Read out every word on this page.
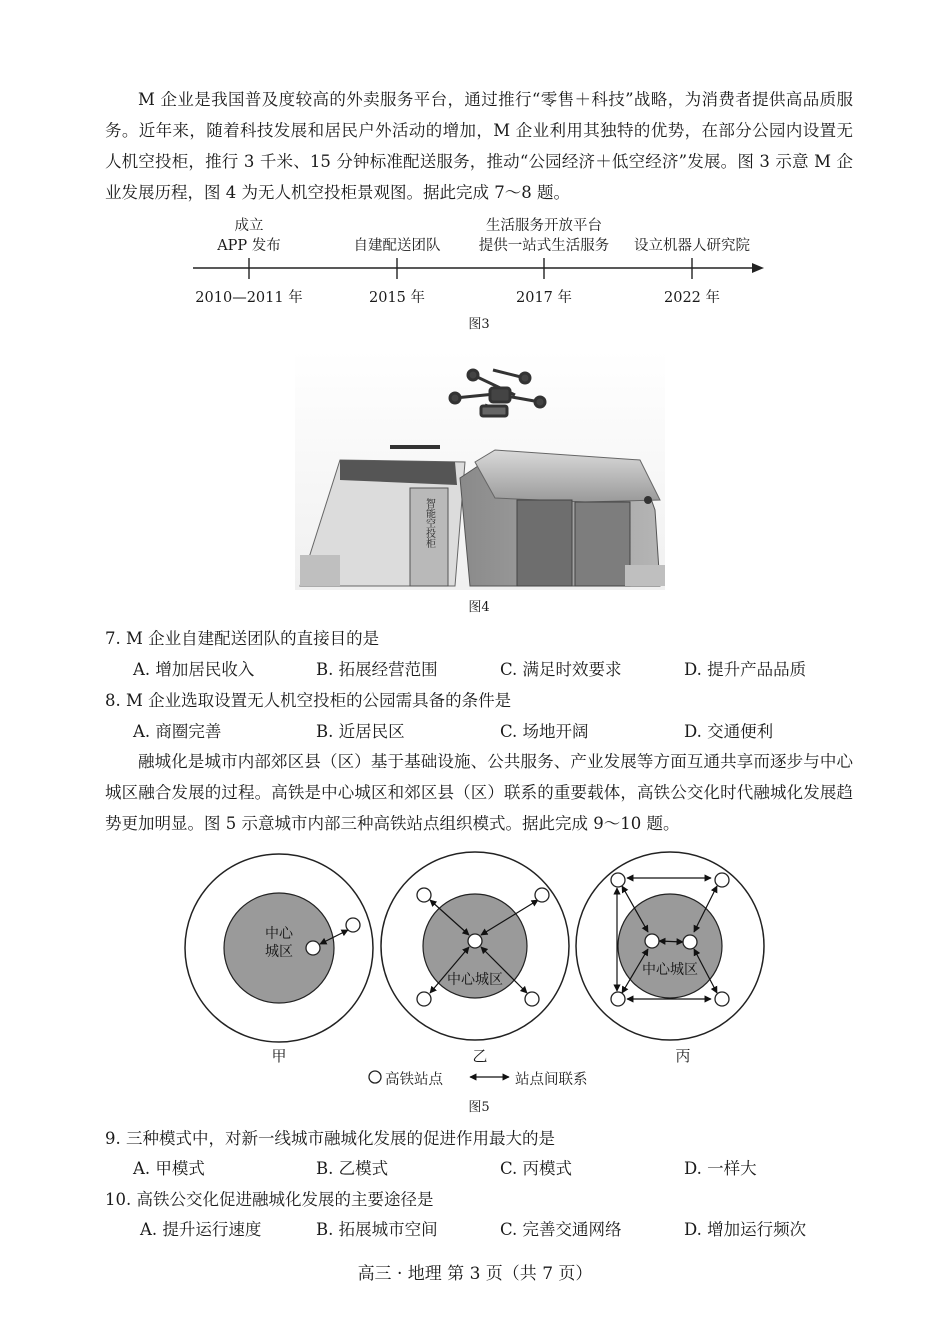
M 企业是我国普及度较高的外卖服务平台，通过推行“零售＋科技”战略，为消费者提供高品质服务。近年来，随着科技发展和居民户外活动的增加，M 企业利用其独特的优势，在部分公园内设置无人机空投柜，推行 3 千米、15 分钟标准配送服务，推动“公园经济＋低空经济”发展。图 3 示意 M 企业发展历程，图 4 为无人机空投柜景观图。据此完成 7～8 题。

成立
APP 发布
2010—2011 年
自建配送团队
2015 年
生活服务开放平台
提供一站式生活服务
2017 年
设立机器人研究院
2022 年
图3
智能空投柜
图4
7. M 企业自建配送团队的直接目的是
A. 增加居民收入	B. 拓展经营范围	C. 满足时效要求	D. 提升产品品质
8. M 企业选取设置无人机空投柜的公园需具备的条件是
A. 商圈完善	B. 近居民区	C. 场地开阔	D. 交通便利

融城化是城市内部郊区县（区）基于基础设施、公共服务、产业发展等方面互通共享而逐步与中心城区融合发展的过程。高铁是中心城区和郊区县（区）联系的重要载体，高铁公交化时代融城化发展趋势更加明显。图 5 示意城市内部三种高铁站点组织模式。据此完成 9～10 题。

中心
城区
中心城区
中心城区
甲	乙	丙
高铁站点	站点间联系
图5
9. 三种模式中，对新一线城市融城化发展的促进作用最大的是
A. 甲模式	B. 乙模式	C. 丙模式	D. 一样大
10. 高铁公交化促进融城化发展的主要途径是
A. 提升运行速度	B. 拓展城市空间	C. 完善交通网络	D. 增加运行频次
高三 · 地理 第 3 页（共 7 页）
